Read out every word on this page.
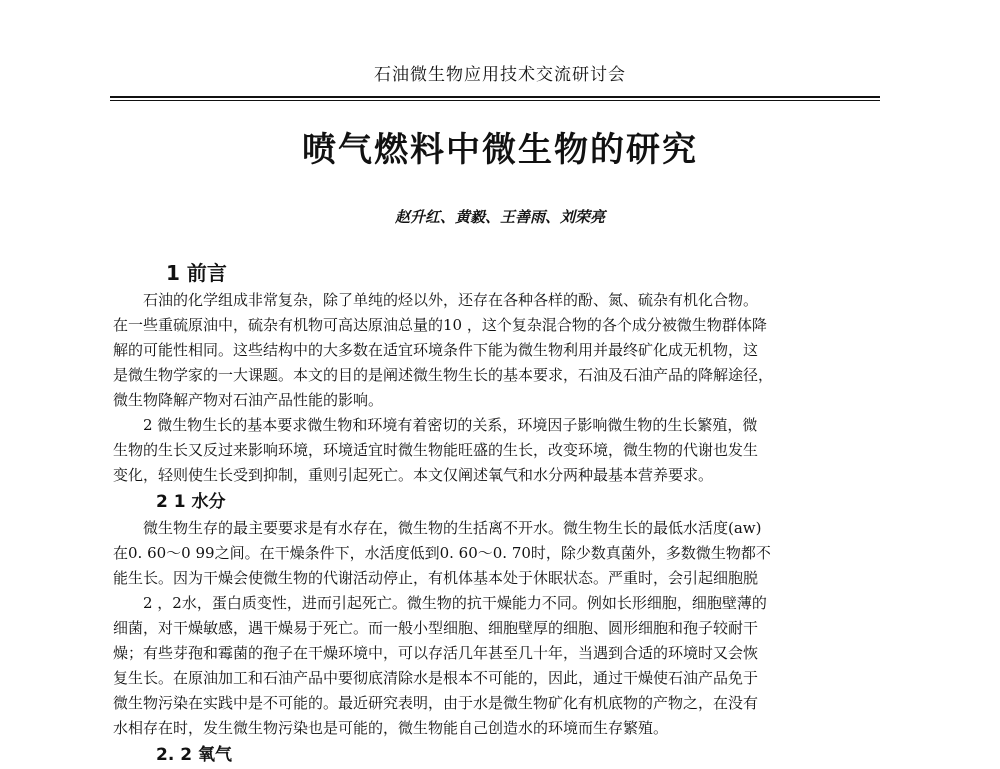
石油微生物应用技术交流研讨会
喷气燃料中微生物的研究
赵升红、黄毅、王善雨、刘荣亮
1 前言
石油的化学组成非常复杂，除了单纯的烃以外，还存在各种各样的酚、氮、硫杂有机化合物。
在一些重硫原油中，硫杂有机物可高达原油总量的10 ，这个复杂混合物的各个成分被微生物群体降
解的可能性相同。这些结构中的大多数在适宜环境条件下能为微生物利用并最终矿化成无机物，这
是微生物学家的一大课题。本文的目的是阐述微生物生长的基本要求，石油及石油产品的降解途径，
微生物降解产物对石油产品性能的影响。
2 微生物生长的基本要求微生物和环境有着密切的关系，环境因子影响微生物的生长繁殖，微
生物的生长又反过来影响环境，环境适宜时微生物能旺盛的生长，改变环境，微生物的代谢也发生
变化，轻则使生长受到抑制，重则引起死亡。本文仅阐述氧气和水分两种最基本营养要求。
2 1 水分
微生物生存的最主要要求是有水存在，微生物的生括离不开水。微生物生长的最低水活度(aw)
在0. 60～0 99之间。在干燥条件下，水活度低到0. 60～0. 70时，除少数真菌外，多数微生物都不
能生长。因为干燥会使微生物的代谢活动停止，有机体基本处于休眠状态。严重时，会引起细胞脱
2 ，2水，蛋白质变性，进而引起死亡。微生物的抗干燥能力不同。例如长形细胞，细胞壁薄的
细菌，对干燥敏感，遇干燥易于死亡。而一般小型细胞、细胞壁厚的细胞、圆形细胞和孢子较耐干
燥；有些芽孢和霉菌的孢子在干燥环境中，可以存活几年甚至几十年，当遇到合适的环境时又会恢
复生长。在原油加工和石油产品中要彻底清除水是根本不可能的，因此，通过干燥使石油产品免于
微生物污染在实践中是不可能的。最近研究表明，由于水是微生物矿化有机底物的产物之，在没有
水相存在时，发生微生物污染也是可能的，微生物能自己创造水的环境而生存繁殖。
2. 2 氧气
